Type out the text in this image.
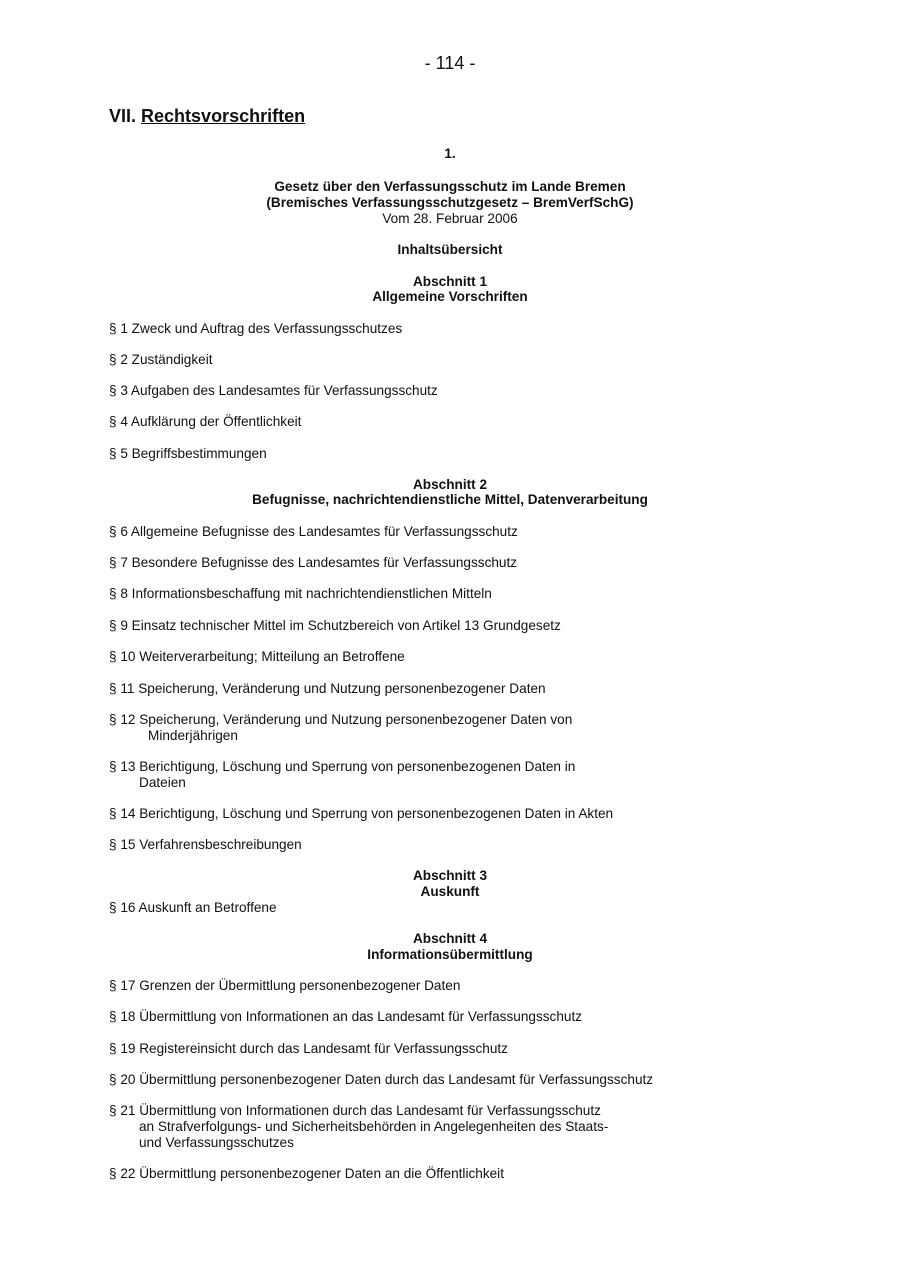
- 114 -
VII. Rechtsvorschriften
1.
Gesetz über den Verfassungsschutz im Lande Bremen
(Bremisches Verfassungsschutzgesetz – BremVerfSchG)
Vom 28. Februar 2006
Inhaltsübersicht
Abschnitt 1
Allgemeine Vorschriften
§ 1 Zweck und Auftrag des Verfassungsschutzes
§ 2 Zuständigkeit
§ 3 Aufgaben des Landesamtes für Verfassungsschutz
§ 4 Aufklärung der Öffentlichkeit
§ 5 Begriffsbestimmungen
Abschnitt 2
Befugnisse, nachrichtendienstliche Mittel, Datenverarbeitung
§ 6 Allgemeine Befugnisse des Landesamtes für Verfassungsschutz
§ 7 Besondere Befugnisse des Landesamtes für Verfassungsschutz
§ 8 Informationsbeschaffung mit nachrichtendienstlichen Mitteln
§ 9 Einsatz technischer Mittel im Schutzbereich von Artikel 13 Grundgesetz
§ 10 Weiterverarbeitung; Mitteilung an Betroffene
§ 11 Speicherung, Veränderung und Nutzung personenbezogener Daten
§ 12 Speicherung, Veränderung und Nutzung personenbezogener Daten von
Minderjährigen
§ 13 Berichtigung, Löschung und Sperrung von personenbezogenen Daten in
Dateien
§ 14 Berichtigung, Löschung und Sperrung von personenbezogenen Daten in Akten
§ 15 Verfahrensbeschreibungen
Abschnitt 3
Auskunft
§ 16 Auskunft an Betroffene
Abschnitt 4
Informationsübermittlung
§ 17 Grenzen der Übermittlung personenbezogener Daten
§ 18 Übermittlung von Informationen an das Landesamt für Verfassungsschutz
§ 19 Registereinsicht durch das Landesamt für Verfassungsschutz
§ 20 Übermittlung personenbezogener Daten durch das Landesamt für Verfassungsschutz
§ 21 Übermittlung von Informationen durch das Landesamt für Verfassungsschutz
an Strafverfolgungs- und Sicherheitsbehörden in Angelegenheiten des Staats-
und Verfassungsschutzes
§ 22 Übermittlung personenbezogener Daten an die Öffentlichkeit
